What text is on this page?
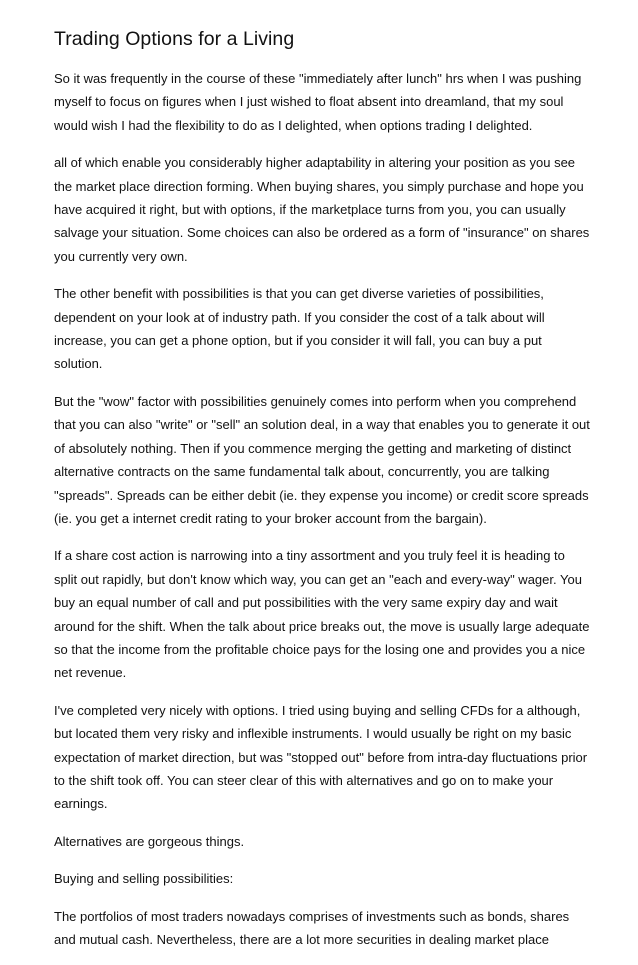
Trading Options for a Living

So it was frequently in the course of these "immediately after lunch" hrs when I was pushing
myself to focus on figures when I just wished to float absent into dreamland, that my soul
would wish I had the flexibility to do as I delighted, when options trading I delighted.

all of which enable you considerably higher adaptability in altering your position as you see
the market place direction forming. When buying shares, you simply purchase and hope you
have acquired it right, but with options, if the marketplace turns from you, you can usually
salvage your situation. Some choices can also be ordered as a form of "insurance" on shares
you currently very own.

The other benefit with possibilities is that you can get diverse varieties of possibilities,
dependent on your look at of industry path. If you consider the cost of a talk about will
increase, you can get a phone option, but if you consider it will fall, you can buy a put
solution.

But the "wow" factor with possibilities genuinely comes into perform when you comprehend
that you can also "write" or "sell" an solution deal, in a way that enables you to generate it out
of absolutely nothing. Then if you commence merging the getting and marketing of distinct
alternative contracts on the same fundamental talk about, concurrently, you are talking
"spreads". Spreads can be either debit (ie. they expense you income) or credit score spreads
(ie. you get a internet credit rating to your broker account from the bargain).

If a share cost action is narrowing into a tiny assortment and you truly feel it is heading to
split out rapidly, but don't know which way, you can get an "each and every-way" wager. You
buy an equal number of call and put possibilities with the very same expiry day and wait
around for the shift. When the talk about price breaks out, the move is usually large adequate
so that the income from the profitable choice pays for the losing one and provides you a nice
net revenue.

I've completed very nicely with options. I tried using buying and selling CFDs for a although,
but located them very risky and inflexible instruments. I would usually be right on my basic
expectation of market direction, but was "stopped out" before from intra-day fluctuations prior
to the shift took off. You can steer clear of this with alternatives and go on to make your
earnings.

Alternatives are gorgeous things.

Buying and selling possibilities:

The portfolios of most traders nowadays comprises of investments such as bonds, shares
and mutual cash. Nevertheless, there are a lot more securities in dealing market place
